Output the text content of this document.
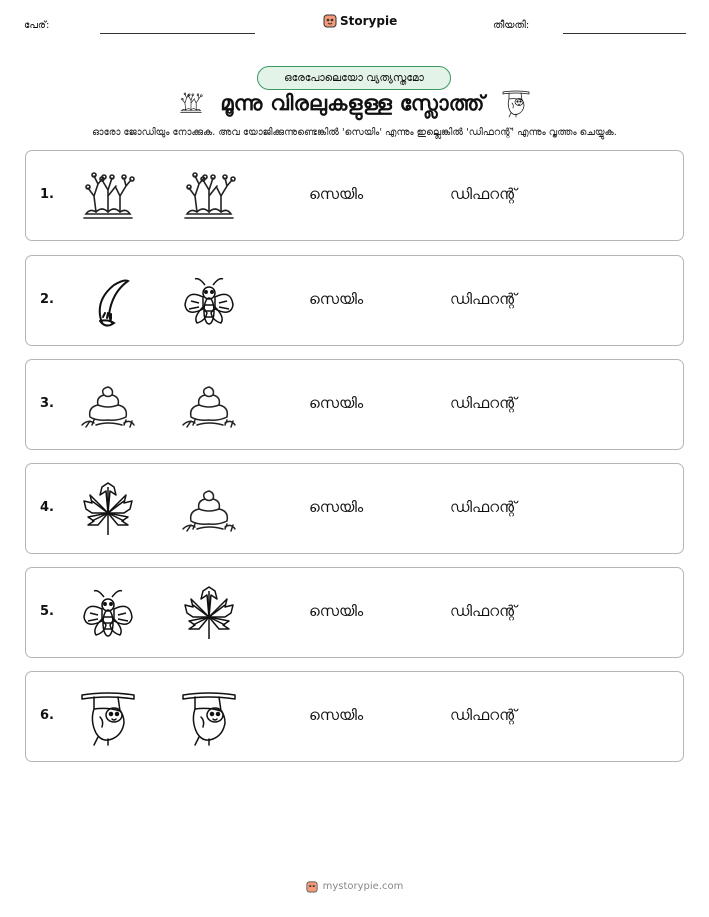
പേര്:	Storypie	തീയതി:
ഒരേപോലെയോ വ്യത്യസ്തമോ
മൂന്നു വിരലുകളുള്ള സ്ലോത്ത്
ഓരോ ജോഡിയും നോക്കുക. അവ യോജിക്കുന്നുണ്ടെങ്കിൽ 'സെയിം' എന്നും ഇല്ലെങ്കിൽ 'ഡിഫറന്റ്' എന്നും വൃത്തം ചെയ്യുക.
1.	സെയിം	ഡിഫറന്റ്
2.	സെയിം	ഡിഫറന്റ്
3.	സെയിം	ഡിഫറന്റ്
4.	സെയിം	ഡിഫറന്റ്
5.	സെയിം	ഡിഫറന്റ്
6.	സെയിം	ഡിഫറന്റ്
mystorypie.com
